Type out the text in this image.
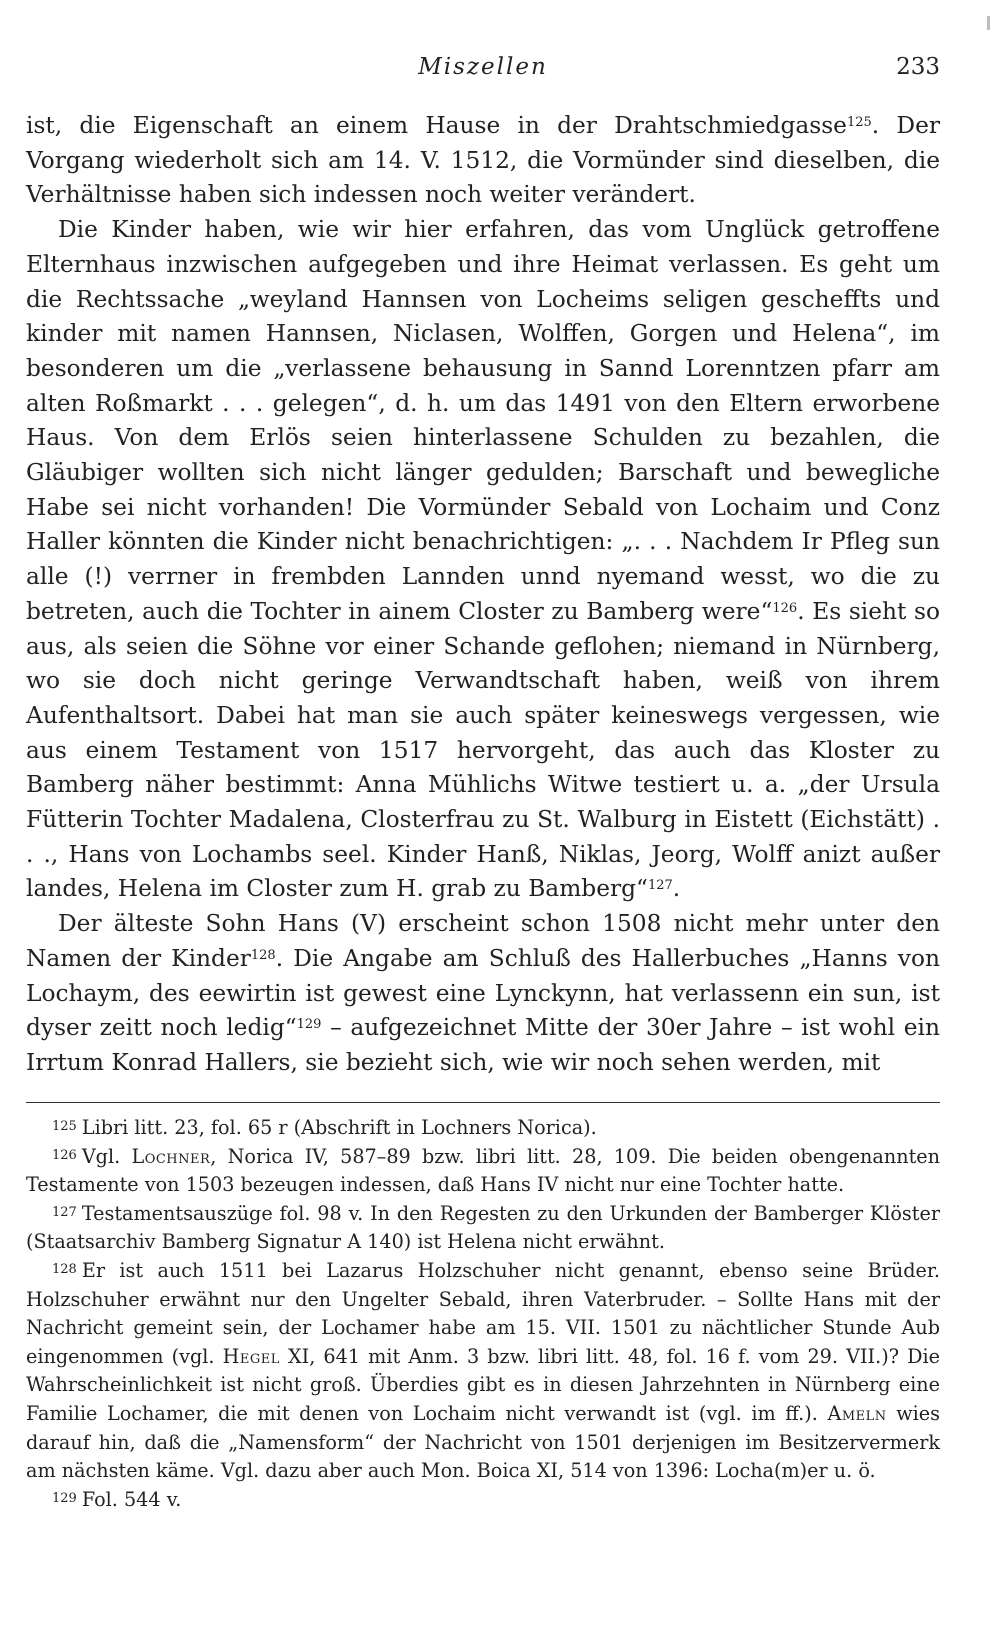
Miszellen	233

ist, die Eigenschaft an einem Hause in der Drahtschmiedgasse$^{125}$. Der Vorgang wiederholt sich am 14. V. 1512, die Vormünder sind dieselben, die Verhältnisse haben sich indessen noch weiter verändert.

Die Kinder haben, wie wir hier erfahren, das vom Unglück getroffene Elternhaus inzwischen aufgegeben und ihre Heimat verlassen. Es geht um die Rechtssache „weyland Hannsen von Locheims seligen gescheffts und kinder mit namen Hannsen, Niclasen, Wolffen, Gorgen und Helena“, im besonderen um die „verlassene behausung in Sannd Lorenntzen pfarr am alten Roßmarkt . . . gelegen“, d. h. um das 1491 von den Eltern erworbene Haus. Von dem Erlös seien hinterlassene Schulden zu bezahlen, die Gläubiger wollten sich nicht länger gedulden; Barschaft und bewegliche Habe sei nicht vorhanden! Die Vormünder Sebald von Lochaim und Conz Haller könnten die Kinder nicht benachrichtigen: „. . . Nachdem Ir Pfleg sun alle (!) verrner in frembden Lannden unnd nyemand wesst, wo die zu betreten, auch die Tochter in ainem Closter zu Bamberg were“$^{126}$. Es sieht so aus, als seien die Söhne vor einer Schande geflohen; niemand in Nürnberg, wo sie doch nicht geringe Verwandtschaft haben, weiß von ihrem Aufenthaltsort. Dabei hat man sie auch später keineswegs vergessen, wie aus einem Testament von 1517 hervorgeht, das auch das Kloster zu Bamberg näher bestimmt: Anna Mühlichs Witwe testiert u. a. „der Ursula Fütterin Tochter Madalena, Closterfrau zu St. Walburg in Eistett (Eichstätt) . . ., Hans von Lochambs seel. Kinder Hanß, Niklas, Jeorg, Wolff anizt außer landes, Helena im Closter zum H. grab zu Bamberg“$^{127}$.

Der älteste Sohn Hans (V) erscheint schon 1508 nicht mehr unter den Namen der Kinder$^{128}$. Die Angabe am Schluß des Hallerbuches „Hanns von Lochaym, des eewirtin ist gewest eine Lynckynn, hat verlassenn ein sun, ist dyser zeitt noch ledig“$^{129}$ – aufgezeichnet Mitte der 30er Jahre – ist wohl ein Irrtum Konrad Hallers, sie bezieht sich, wie wir noch sehen werden, mit

$^{125}$ Libri litt. 23, fol. 65 r (Abschrift in Lochners Norica).

$^{126}$ Vgl. Lochner, Norica IV, 587–89 bzw. libri litt. 28, 109. Die beiden obengenannten Testamente von 1503 bezeugen indessen, daß Hans IV nicht nur eine Tochter hatte.

$^{127}$ Testamentsauszüge fol. 98 v. In den Regesten zu den Urkunden der Bamberger Klöster (Staatsarchiv Bamberg Signatur A 140) ist Helena nicht erwähnt.

$^{128}$ Er ist auch 1511 bei Lazarus Holzschuher nicht genannt, ebenso seine Brüder. Holzschuher erwähnt nur den Ungelter Sebald, ihren Vaterbruder. – Sollte Hans mit der Nachricht gemeint sein, der Lochamer habe am 15. VII. 1501 zu nächtlicher Stunde Aub eingenommen (vgl. Hegel XI, 641 mit Anm. 3 bzw. libri litt. 48, fol. 16 f. vom 29. VII.)? Die Wahrscheinlichkeit ist nicht groß. Überdies gibt es in diesen Jahrzehnten in Nürnberg eine Familie Lochamer, die mit denen von Lochaim nicht verwandt ist (vgl. im ff.). Ameln wies darauf hin, daß die „Namensform“ der Nachricht von 1501 derjenigen im Besitzervermerk am nächsten käme. Vgl. dazu aber auch Mon. Boica XI, 514 von 1396: Locha(m)er u. ö.

$^{129}$ Fol. 544 v.
